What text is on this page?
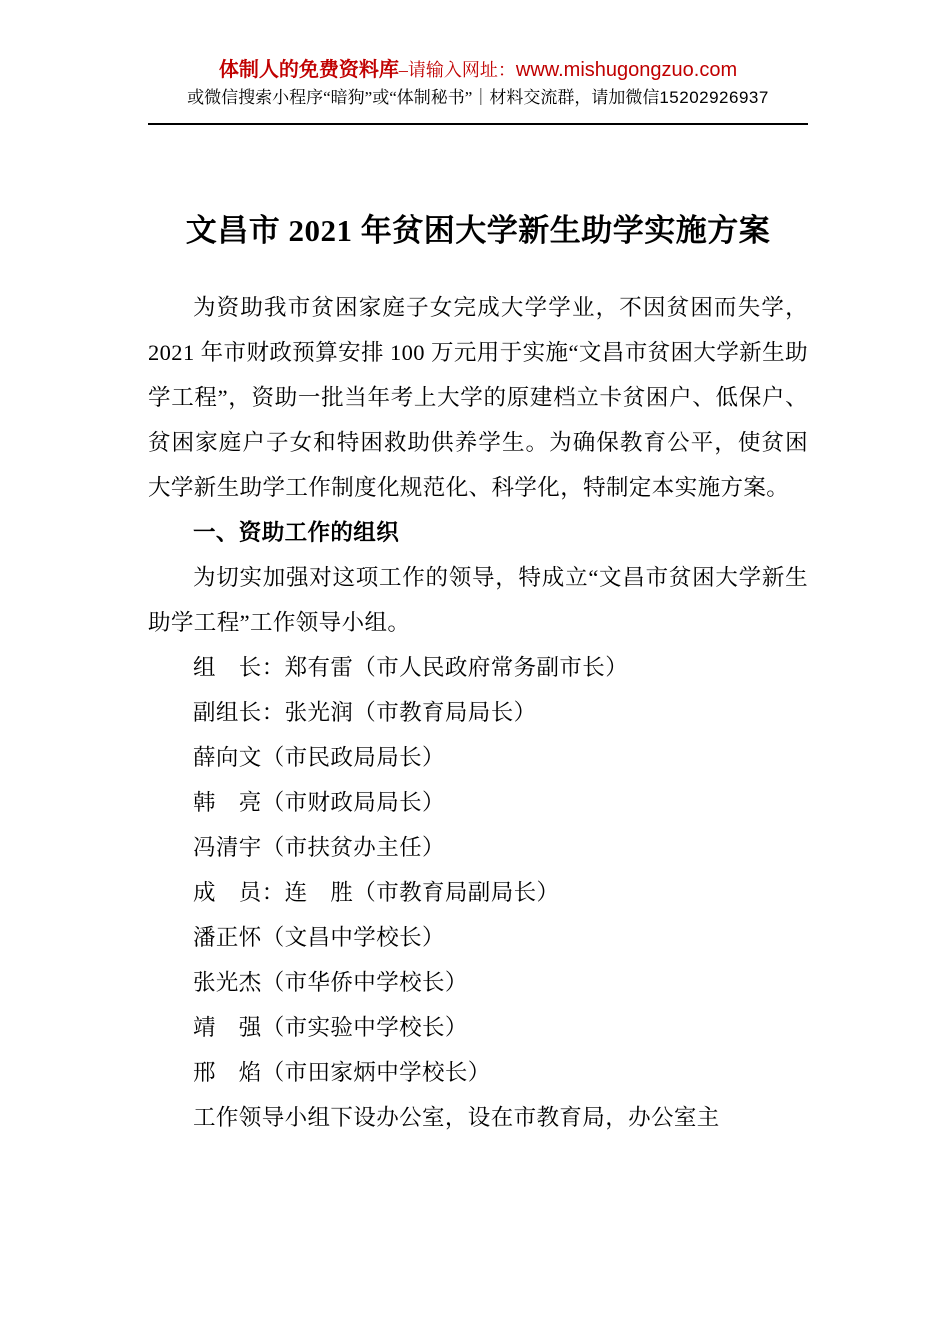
体制人的免费资料库–请输入网址：www.mishugongzuo.com
或微信搜索小程序“暗狗”或“体制秘书”｜材料交流群，请加微信15202926937
文昌市 2021 年贫困大学新生助学实施方案
为资助我市贫困家庭子女完成大学学业，不因贫困而失学，2021 年市财政预算安排 100 万元用于实施“文昌市贫困大学新生助学工程”，资助一批当年考上大学的原建档立卡贫困户、低保户、贫困家庭户子女和特困救助供养学生。为确保教育公平，使贫困大学新生助学工作制度化规范化、科学化，特制定本实施方案。
一、资助工作的组织
为切实加强对这项工作的领导，特成立“文昌市贫困大学新生助学工程”工作领导小组。
组　长：郑有雷（市人民政府常务副市长）
副组长：张光润（市教育局局长）
薛向文（市民政局局长）
韩　亮（市财政局局长）
冯清宇（市扶贫办主任）
成　员：连　胜（市教育局副局长）
潘正怀（文昌中学校长）
张光杰（市华侨中学校长）
靖　强（市实验中学校长）
邢　焰（市田家炳中学校长）
工作领导小组下设办公室，设在市教育局，办公室主
